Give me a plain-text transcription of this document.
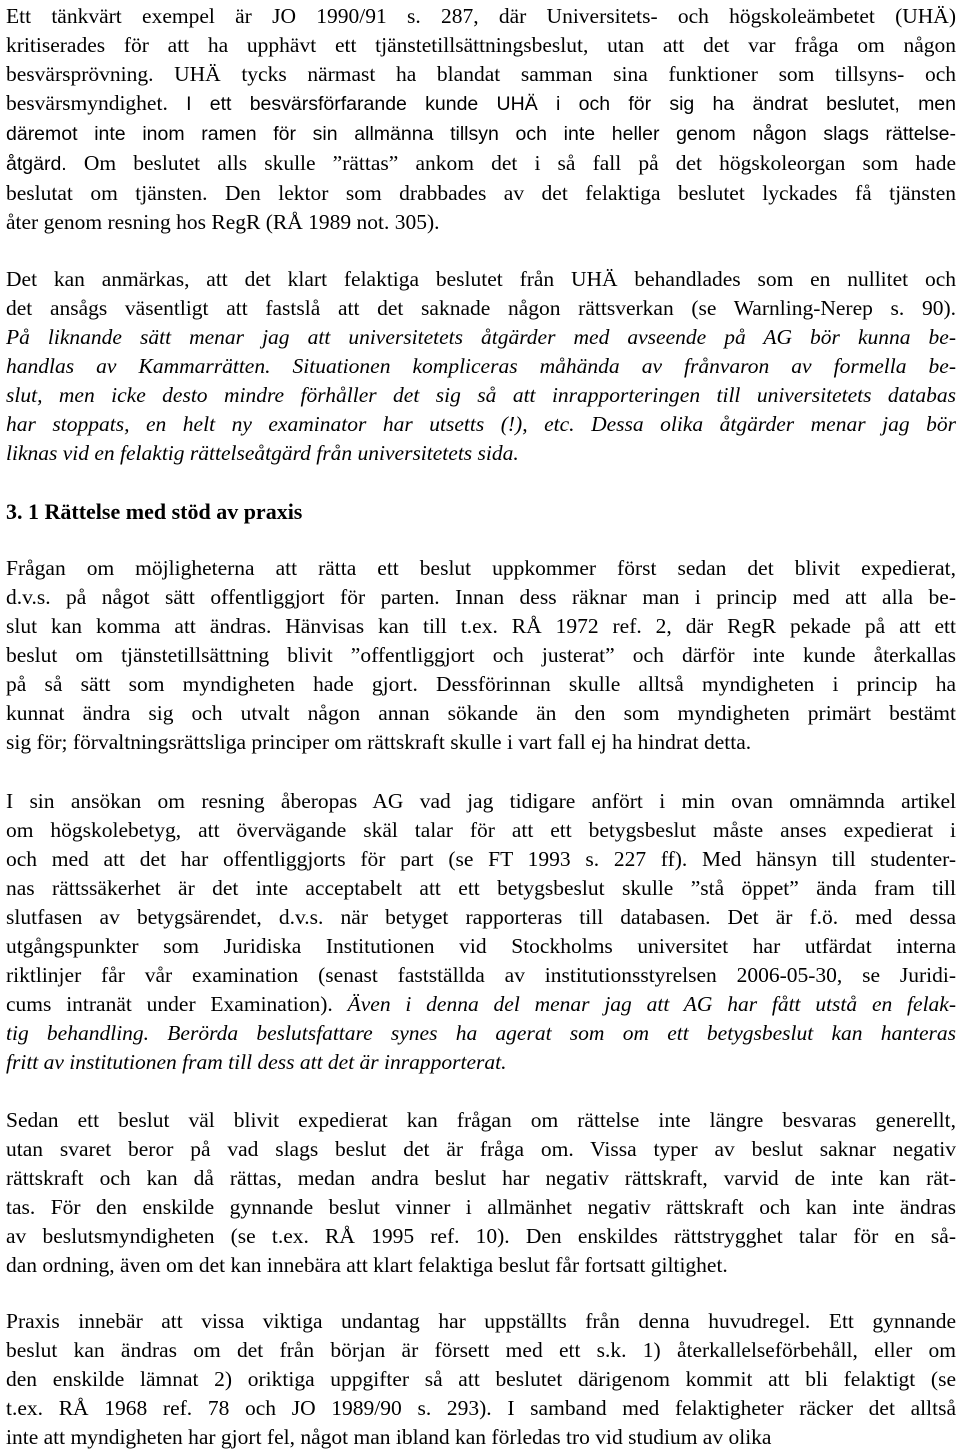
Ett tänkvärt exempel är JO 1990/91 s. 287, där Universitets- och högskoleämbetet (UHÄ)
kritiserades för att ha upphävt ett tjänstetillsättningsbeslut, utan att det var fråga om någon
besvärsprövning. UHÄ tycks närmast ha blandat samman sina funktioner som tillsyns- och
besvärsmyndighet. I ett besvärsförfarande kunde UHÄ i och för sig ha ändrat beslutet, men
däremot inte inom ramen för sin allmänna tillsyn och inte heller genom någon slags rättelse-
åtgärd. Om beslutet alls skulle ”rättas” ankom det i så fall på det högskoleorgan som hade
beslutat om tjänsten. Den lektor som drabbades av det felaktiga beslutet lyckades få tjänsten
åter genom resning hos RegR (RÅ 1989 not. 305).
Det kan anmärkas, att det klart felaktiga beslutet från UHÄ behandlades som en nullitet och
det ansågs väsentligt att fastslå att det saknade någon rättsverkan (se Warnling-Nerep s. 90).
På liknande sätt menar jag att universitetets åtgärder med avseende på AG bör kunna be-
handlas av Kammarrätten. Situationen kompliceras måhända av frånvaron av formella be-
slut, men icke desto mindre förhåller det sig så att inrapporteringen till universitetets databas
har stoppats, en helt ny examinator har utsetts (!), etc. Dessa olika åtgärder menar jag bör
liknas vid en felaktig rättelseåtgärd från universitetets sida.
3. 1 Rättelse med stöd av praxis
Frågan om möjligheterna att rätta ett beslut uppkommer först sedan det blivit expedierat,
d.v.s. på något sätt offentliggjort för parten. Innan dess räknar man i princip med att alla be-
slut kan komma att ändras. Hänvisas kan till t.ex. RÅ 1972 ref. 2, där RegR pekade på att ett
beslut om tjänstetillsättning blivit ”offentliggjort och justerat” och därför inte kunde återkallas
på så sätt som myndigheten hade gjort. Dessförinnan skulle alltså myndigheten i princip ha
kunnat ändra sig och utvalt någon annan sökande än den som myndigheten primärt bestämt
sig för; förvaltningsrättsliga principer om rättskraft skulle i vart fall ej ha hindrat detta.
I sin ansökan om resning åberopas AG vad jag tidigare anfört i min ovan omnämnda artikel
om högskolebetyg, att övervägande skäl talar för att ett betygsbeslut måste anses expedierat i
och med att det har offentliggjorts för part (se FT 1993 s. 227 ff). Med hänsyn till studenter-
nas rättssäkerhet är det inte acceptabelt att ett betygsbeslut skulle ”stå öppet” ända fram till
slutfasen av betygsärendet, d.v.s. när betyget rapporteras till databasen. Det är f.ö. med dessa
utgångspunkter som Juridiska Institutionen vid Stockholms universitet har utfärdat interna
riktlinjer får vår examination (senast fastställda av institutionsstyrelsen 2006-05-30, se Juridi-
cums intranät under Examination). Även i denna del menar jag att AG har fått utstå en felak-
tig behandling. Berörda beslutsfattare synes ha agerat som om ett betygsbeslut kan hanteras
fritt av institutionen fram till dess att det är inrapporterat.
Sedan ett beslut väl blivit expedierat kan frågan om rättelse inte längre besvaras generellt,
utan svaret beror på vad slags beslut det är fråga om. Vissa typer av beslut saknar negativ
rättskraft och kan då rättas, medan andra beslut har negativ rättskraft, varvid de inte kan rät-
tas. För den enskilde gynnande beslut vinner i allmänhet negativ rättskraft och kan inte ändras
av beslutsmyndigheten (se t.ex. RÅ 1995 ref. 10). Den enskildes rättstrygghet talar för en så-
dan ordning, även om det kan innebära att klart felaktiga beslut får fortsatt giltighet.
Praxis innebär att vissa viktiga undantag har uppställts från denna huvudregel. Ett gynnande
beslut kan ändras om det från början är försett med ett s.k. 1) återkallelseförbehåll, eller om
den enskilde lämnat 2) oriktiga uppgifter så att beslutet därigenom kommit att bli felaktigt (se
t.ex. RÅ 1968 ref. 78 och JO 1989/90 s. 293). I samband med felaktigheter räcker det alltså
inte att myndigheten har gjort fel, något man ibland kan förledas tro vid studium av olika
